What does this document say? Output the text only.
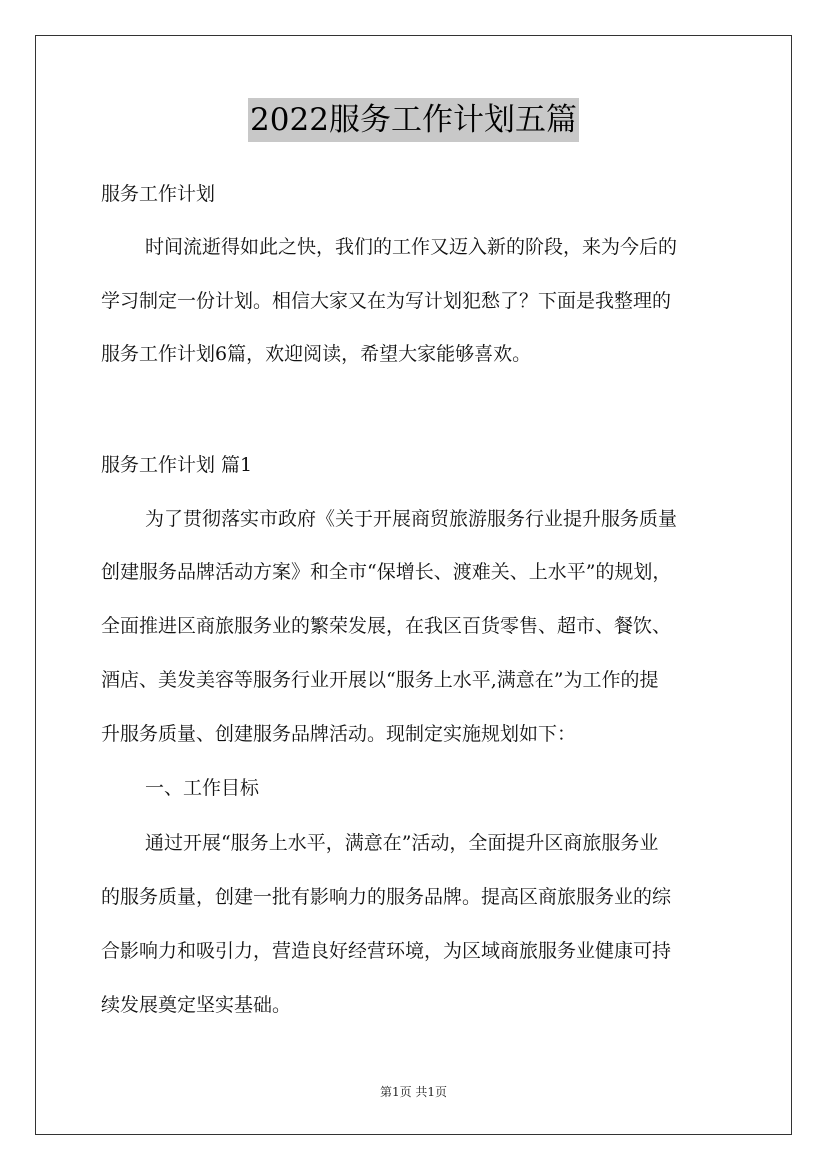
2022服务工作计划五篇
服务工作计划
时间流逝得如此之快，我们的工作又迈入新的阶段，来为今后的
学习制定一份计划。相信大家又在为写计划犯愁了？下面是我整理的
服务工作计划6篇，欢迎阅读，希望大家能够喜欢。
服务工作计划 篇1
为了贯彻落实市政府《关于开展商贸旅游服务行业提升服务质量
创建服务品牌活动方案》和全市“保增长、渡难关、上水平”的规划，
全面推进区商旅服务业的繁荣发展，在我区百货零售、超市、餐饮、
酒店、美发美容等服务行业开展以“服务上水平,满意在”为工作的提
升服务质量、创建服务品牌活动。现制定实施规划如下：
一、工作目标
通过开展“服务上水平，满意在”活动，全面提升区商旅服务业
的服务质量，创建一批有影响力的服务品牌。提高区商旅服务业的综
合影响力和吸引力，营造良好经营环境，为区域商旅服务业健康可持
续发展奠定坚实基础。
第1页 共1页
